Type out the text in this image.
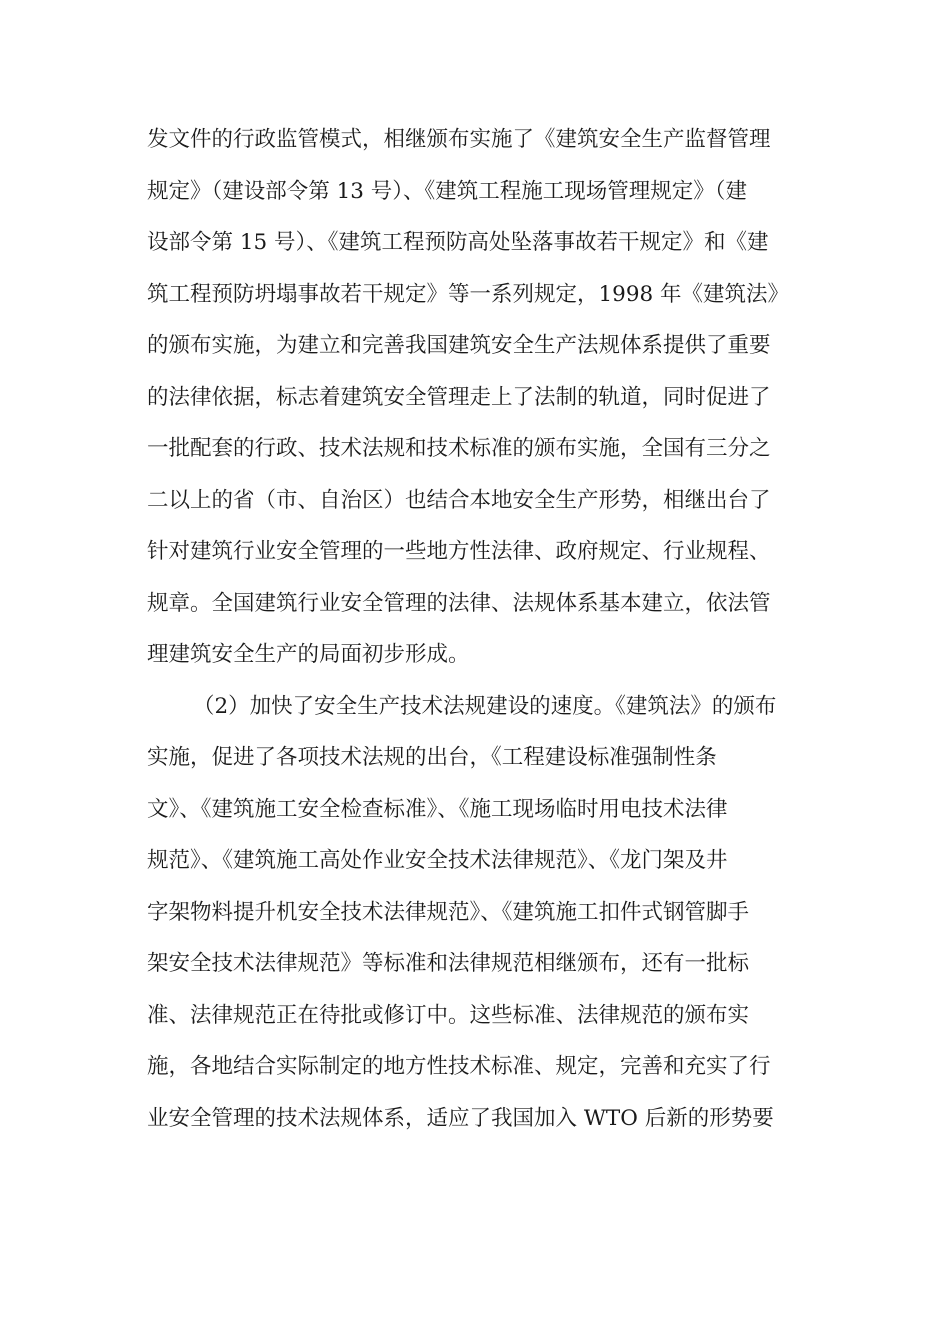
发文件的行政监管模式，相继颁布实施了《建筑安全生产监督管理
规定》（建设部令第 13 号）、《建筑工程施工现场管理规定》（建
设部令第 15 号）、《建筑工程预防高处坠落事故若干规定》和《建
筑工程预防坍塌事故若干规定》等一系列规定，1998 年《建筑法》
的颁布实施，为建立和完善我国建筑安全生产法规体系提供了重要
的法律依据，标志着建筑安全管理走上了法制的轨道，同时促进了
一批配套的行政、技术法规和技术标准的颁布实施，全国有三分之
二以上的省（市、自治区）也结合本地安全生产形势，相继出台了
针对建筑行业安全管理的一些地方性法律、政府规定、行业规程、
规章。全国建筑行业安全管理的法律、法规体系基本建立，依法管
理建筑安全生产的局面初步形成。
（2）加快了安全生产技术法规建设的速度。《建筑法》的颁布
实施，促进了各项技术法规的出台，《工程建设标准强制性条
文》、《建筑施工安全检查标准》、《施工现场临时用电技术法律
规范》、《建筑施工高处作业安全技术法律规范》、《龙门架及井
字架物料提升机安全技术法律规范》、《建筑施工扣件式钢管脚手
架安全技术法律规范》等标准和法律规范相继颁布，还有一批标
准、法律规范正在待批或修订中。这些标准、法律规范的颁布实
施，各地结合实际制定的地方性技术标准、规定，完善和充实了行
业安全管理的技术法规体系，适应了我国加入 WTO 后新的形势要
